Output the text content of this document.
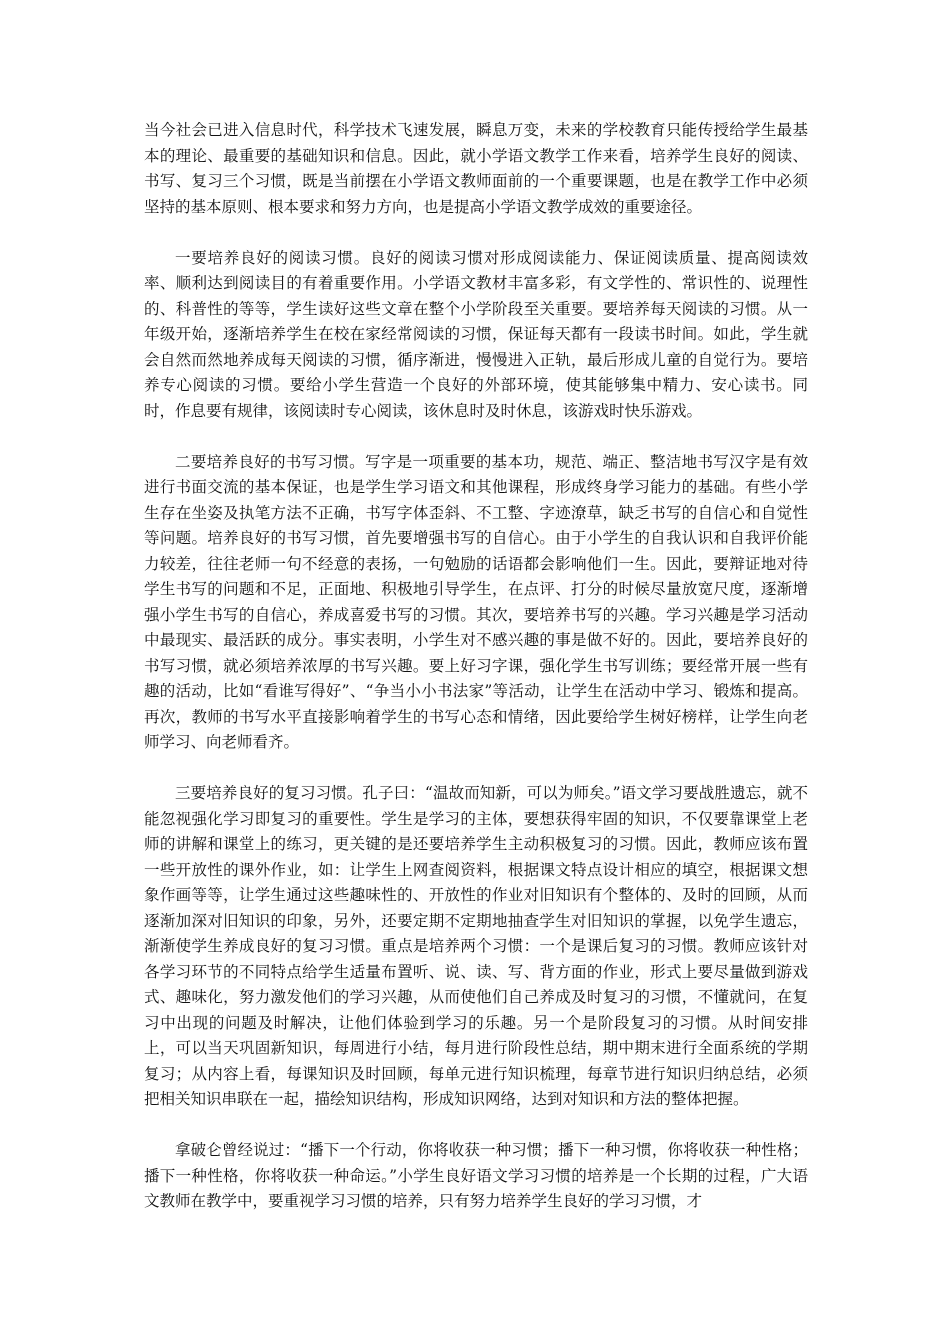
当今社会已进入信息时代，科学技术飞速发展，瞬息万变，未来的学校教育只能传授给学生最基本的理论、最重要的基础知识和信息。因此，就小学语文教学工作来看，培养学生良好的阅读、书写、复习三个习惯，既是当前摆在小学语文教师面前的一个重要课题，也是在教学工作中必须坚持的基本原则、根本要求和努力方向，也是提高小学语文教学成效的重要途径。

一要培养良好的阅读习惯。良好的阅读习惯对形成阅读能力、保证阅读质量、提高阅读效率、顺利达到阅读目的有着重要作用。小学语文教材丰富多彩，有文学性的、常识性的、说理性的、科普性的等等，学生读好这些文章在整个小学阶段至关重要。要培养每天阅读的习惯。从一年级开始，逐渐培养学生在校在家经常阅读的习惯，保证每天都有一段读书时间。如此，学生就会自然而然地养成每天阅读的习惯，循序渐进，慢慢进入正轨，最后形成儿童的自觉行为。要培养专心阅读的习惯。要给小学生营造一个良好的外部环境，使其能够集中精力、安心读书。同时，作息要有规律，该阅读时专心阅读，该休息时及时休息，该游戏时快乐游戏。

二要培养良好的书写习惯。写字是一项重要的基本功，规范、端正、整洁地书写汉字是有效进行书面交流的基本保证，也是学生学习语文和其他课程，形成终身学习能力的基础。有些小学生存在坐姿及执笔方法不正确，书写字体歪斜、不工整、字迹潦草，缺乏书写的自信心和自觉性等问题。培养良好的书写习惯，首先要增强书写的自信心。由于小学生的自我认识和自我评价能力较差，往往老师一句不经意的表扬，一句勉励的话语都会影响他们一生。因此，要辩证地对待学生书写的问题和不足，正面地、积极地引导学生，在点评、打分的时候尽量放宽尺度，逐渐增强小学生书写的自信心，养成喜爱书写的习惯。其次，要培养书写的兴趣。学习兴趣是学习活动中最现实、最活跃的成分。事实表明，小学生对不感兴趣的事是做不好的。因此，要培养良好的书写习惯，就必须培养浓厚的书写兴趣。要上好习字课，强化学生书写训练；要经常开展一些有趣的活动，比如“看谁写得好”、“争当小小书法家”等活动，让学生在活动中学习、锻炼和提高。再次，教师的书写水平直接影响着学生的书写心态和情绪，因此要给学生树好榜样，让学生向老师学习、向老师看齐。

三要培养良好的复习习惯。孔子曰：“温故而知新，可以为师矣。”语文学习要战胜遗忘，就不能忽视强化学习即复习的重要性。学生是学习的主体，要想获得牢固的知识，不仅要靠课堂上老师的讲解和课堂上的练习，更关键的是还要培养学生主动积极复习的习惯。因此，教师应该布置一些开放性的课外作业，如：让学生上网查阅资料，根据课文特点设计相应的填空，根据课文想象作画等等，让学生通过这些趣味性的、开放性的作业对旧知识有个整体的、及时的回顾，从而逐渐加深对旧知识的印象，另外，还要定期不定期地抽查学生对旧知识的掌握，以免学生遗忘，渐渐使学生养成良好的复习习惯。重点是培养两个习惯：一个是课后复习的习惯。教师应该针对各学习环节的不同特点给学生适量布置听、说、读、写、背方面的作业，形式上要尽量做到游戏式、趣味化，努力激发他们的学习兴趣，从而使他们自己养成及时复习的习惯，不懂就问，在复习中出现的问题及时解决，让他们体验到学习的乐趣。另一个是阶段复习的习惯。从时间安排上，可以当天巩固新知识，每周进行小结，每月进行阶段性总结，期中期末进行全面系统的学期复习；从内容上看，每课知识及时回顾，每单元进行知识梳理，每章节进行知识归纳总结，必须把相关知识串联在一起，描绘知识结构，形成知识网络，达到对知识和方法的整体把握。

拿破仑曾经说过：“播下一个行动，你将收获一种习惯；播下一种习惯，你将收获一种性格；播下一种性格，你将收获一种命运。”小学生良好语文学习习惯的培养是一个长期的过程，广大语文教师在教学中，要重视学习习惯的培养，只有努力培养学生良好的学习习惯，才
